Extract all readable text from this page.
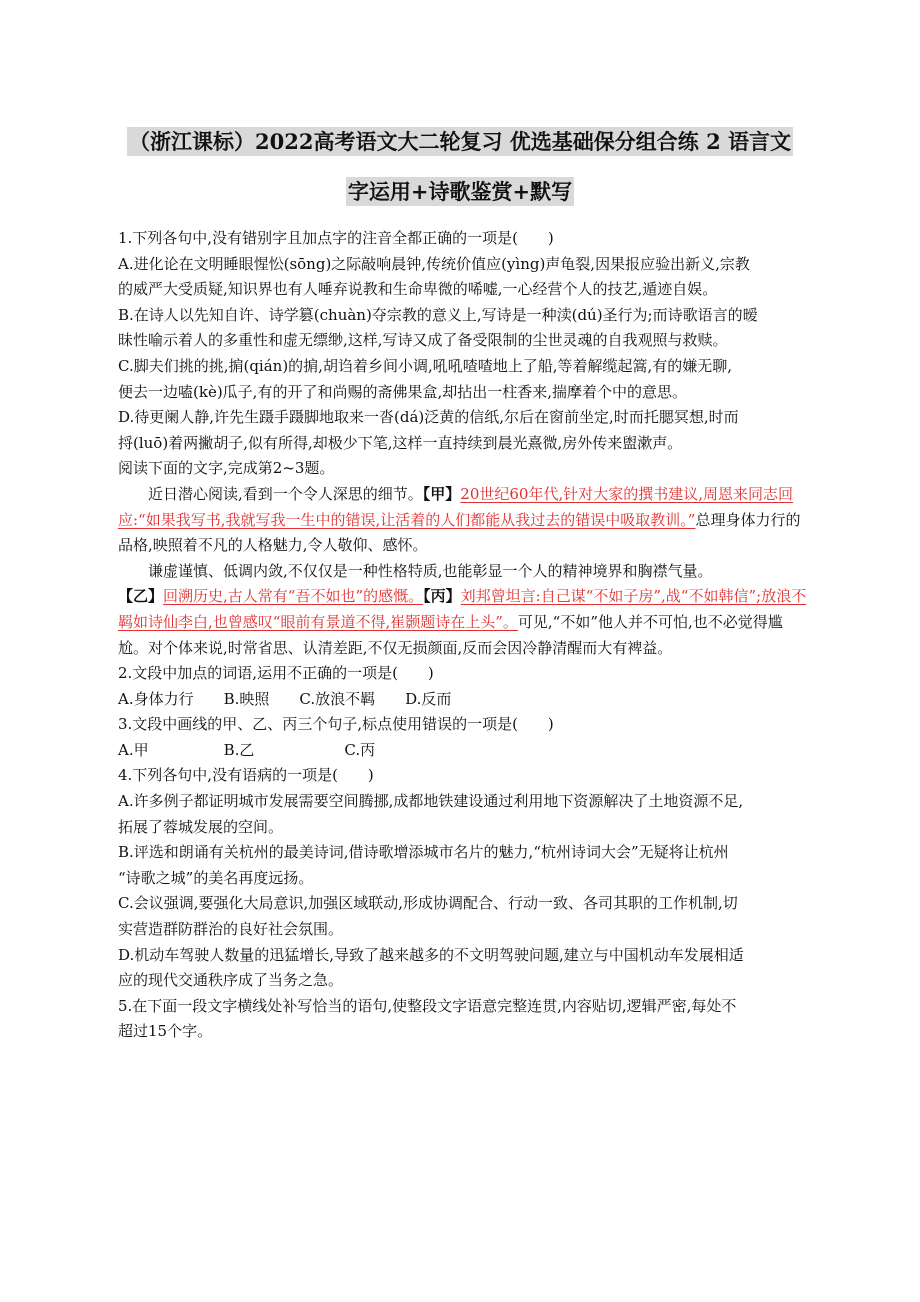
（浙江课标）2022高考语文大二轮复习 优选基础保分组合练 2 语言文
字运用+诗歌鉴赏+默写

1.下列各句中,没有错别字且加点字的注音全都正确的一项是(　　)

A.进化论在文明睡眼惺忪(sōng)之际敲响晨钟,传统价值应(yìng)声龟裂,因果报应验出新义,宗教
的威严大受质疑,知识界也有人唾弃说教和生命卑微的唏嘘,一心经营个人的技艺,遁迹自娱。

B.在诗人以先知自许、诗学篡(chuàn)夺宗教的意义上,写诗是一种渎(dú)圣行为;而诗歌语言的暧
昧性喻示着人的多重性和虚无缥缈,这样,写诗又成了备受限制的尘世灵魂的自我观照与救赎。

C.脚夫们挑的挑,掮(qián)的掮,胡诌着乡间小调,吼吼喳喳地上了船,等着解缆起篙,有的嫌无聊,
便去一边嗑(kè)瓜子,有的开了和尚赐的斋佛果盒,却拈出一柱香来,揣摩着个中的意思。

D.待更阑人静,许先生蹑手蹑脚地取来一沓(dá)泛黄的信纸,尔后在窗前坐定,时而托腮冥想,时而
捋(luō)着两撇胡子,似有所得,却极少下笔,这样一直持续到晨光熹微,房外传来盥漱声。

阅读下面的文字,完成第2~3题。

近日潜心阅读,看到一个令人深思的细节。【甲】20世纪60年代,针对大家的撰书建议,周恩来同志回应:“如果我写书,我就写我一生中的错误,让活着的人们都能从我过去的错误中吸取教训。”总理身体力行的品格,映照着不凡的人格魅力,令人敬仰、感怀。

谦虚谨慎、低调内敛,不仅仅是一种性格特质,也能彰显一个人的精神境界和胸襟气量。

【乙】回溯历史,古人常有“吾不如也”的感慨。【丙】刘邦曾坦言:自己谋“不如子房”,战“不如韩信”;放浪不羁如诗仙李白,也曾感叹“眼前有景道不得,崔颢题诗在上头”。可见,“不如”他人并不可怕,也不必觉得尴尬。对个体来说,时常省思、认清差距,不仅无损颜面,反而会因冷静清醒而大有裨益。

2.文段中加点的词语,运用不正确的一项是(　　)

A.身体力行　　B.映照　　C.放浪不羁　　D.反而

3.文段中画线的甲、乙、丙三个句子,标点使用错误的一项是(　　)

A.甲　　　　　B.乙　　　　　　C.丙

4.下列各句中,没有语病的一项是(　　)

A.许多例子都证明城市发展需要空间腾挪,成都地铁建设通过利用地下资源解决了土地资源不足,
拓展了蓉城发展的空间。

B.评选和朗诵有关杭州的最美诗词,借诗歌增添城市名片的魅力,“杭州诗词大会”无疑将让杭州
“诗歌之城”的美名再度远扬。

C.会议强调,要强化大局意识,加强区域联动,形成协调配合、行动一致、各司其职的工作机制,切
实营造群防群治的良好社会氛围。

D.机动车驾驶人数量的迅猛增长,导致了越来越多的不文明驾驶问题,建立与中国机动车发展相适
应的现代交通秩序成了当务之急。

5.在下面一段文字横线处补写恰当的语句,使整段文字语意完整连贯,内容贴切,逻辑严密,每处不
超过15个字。
